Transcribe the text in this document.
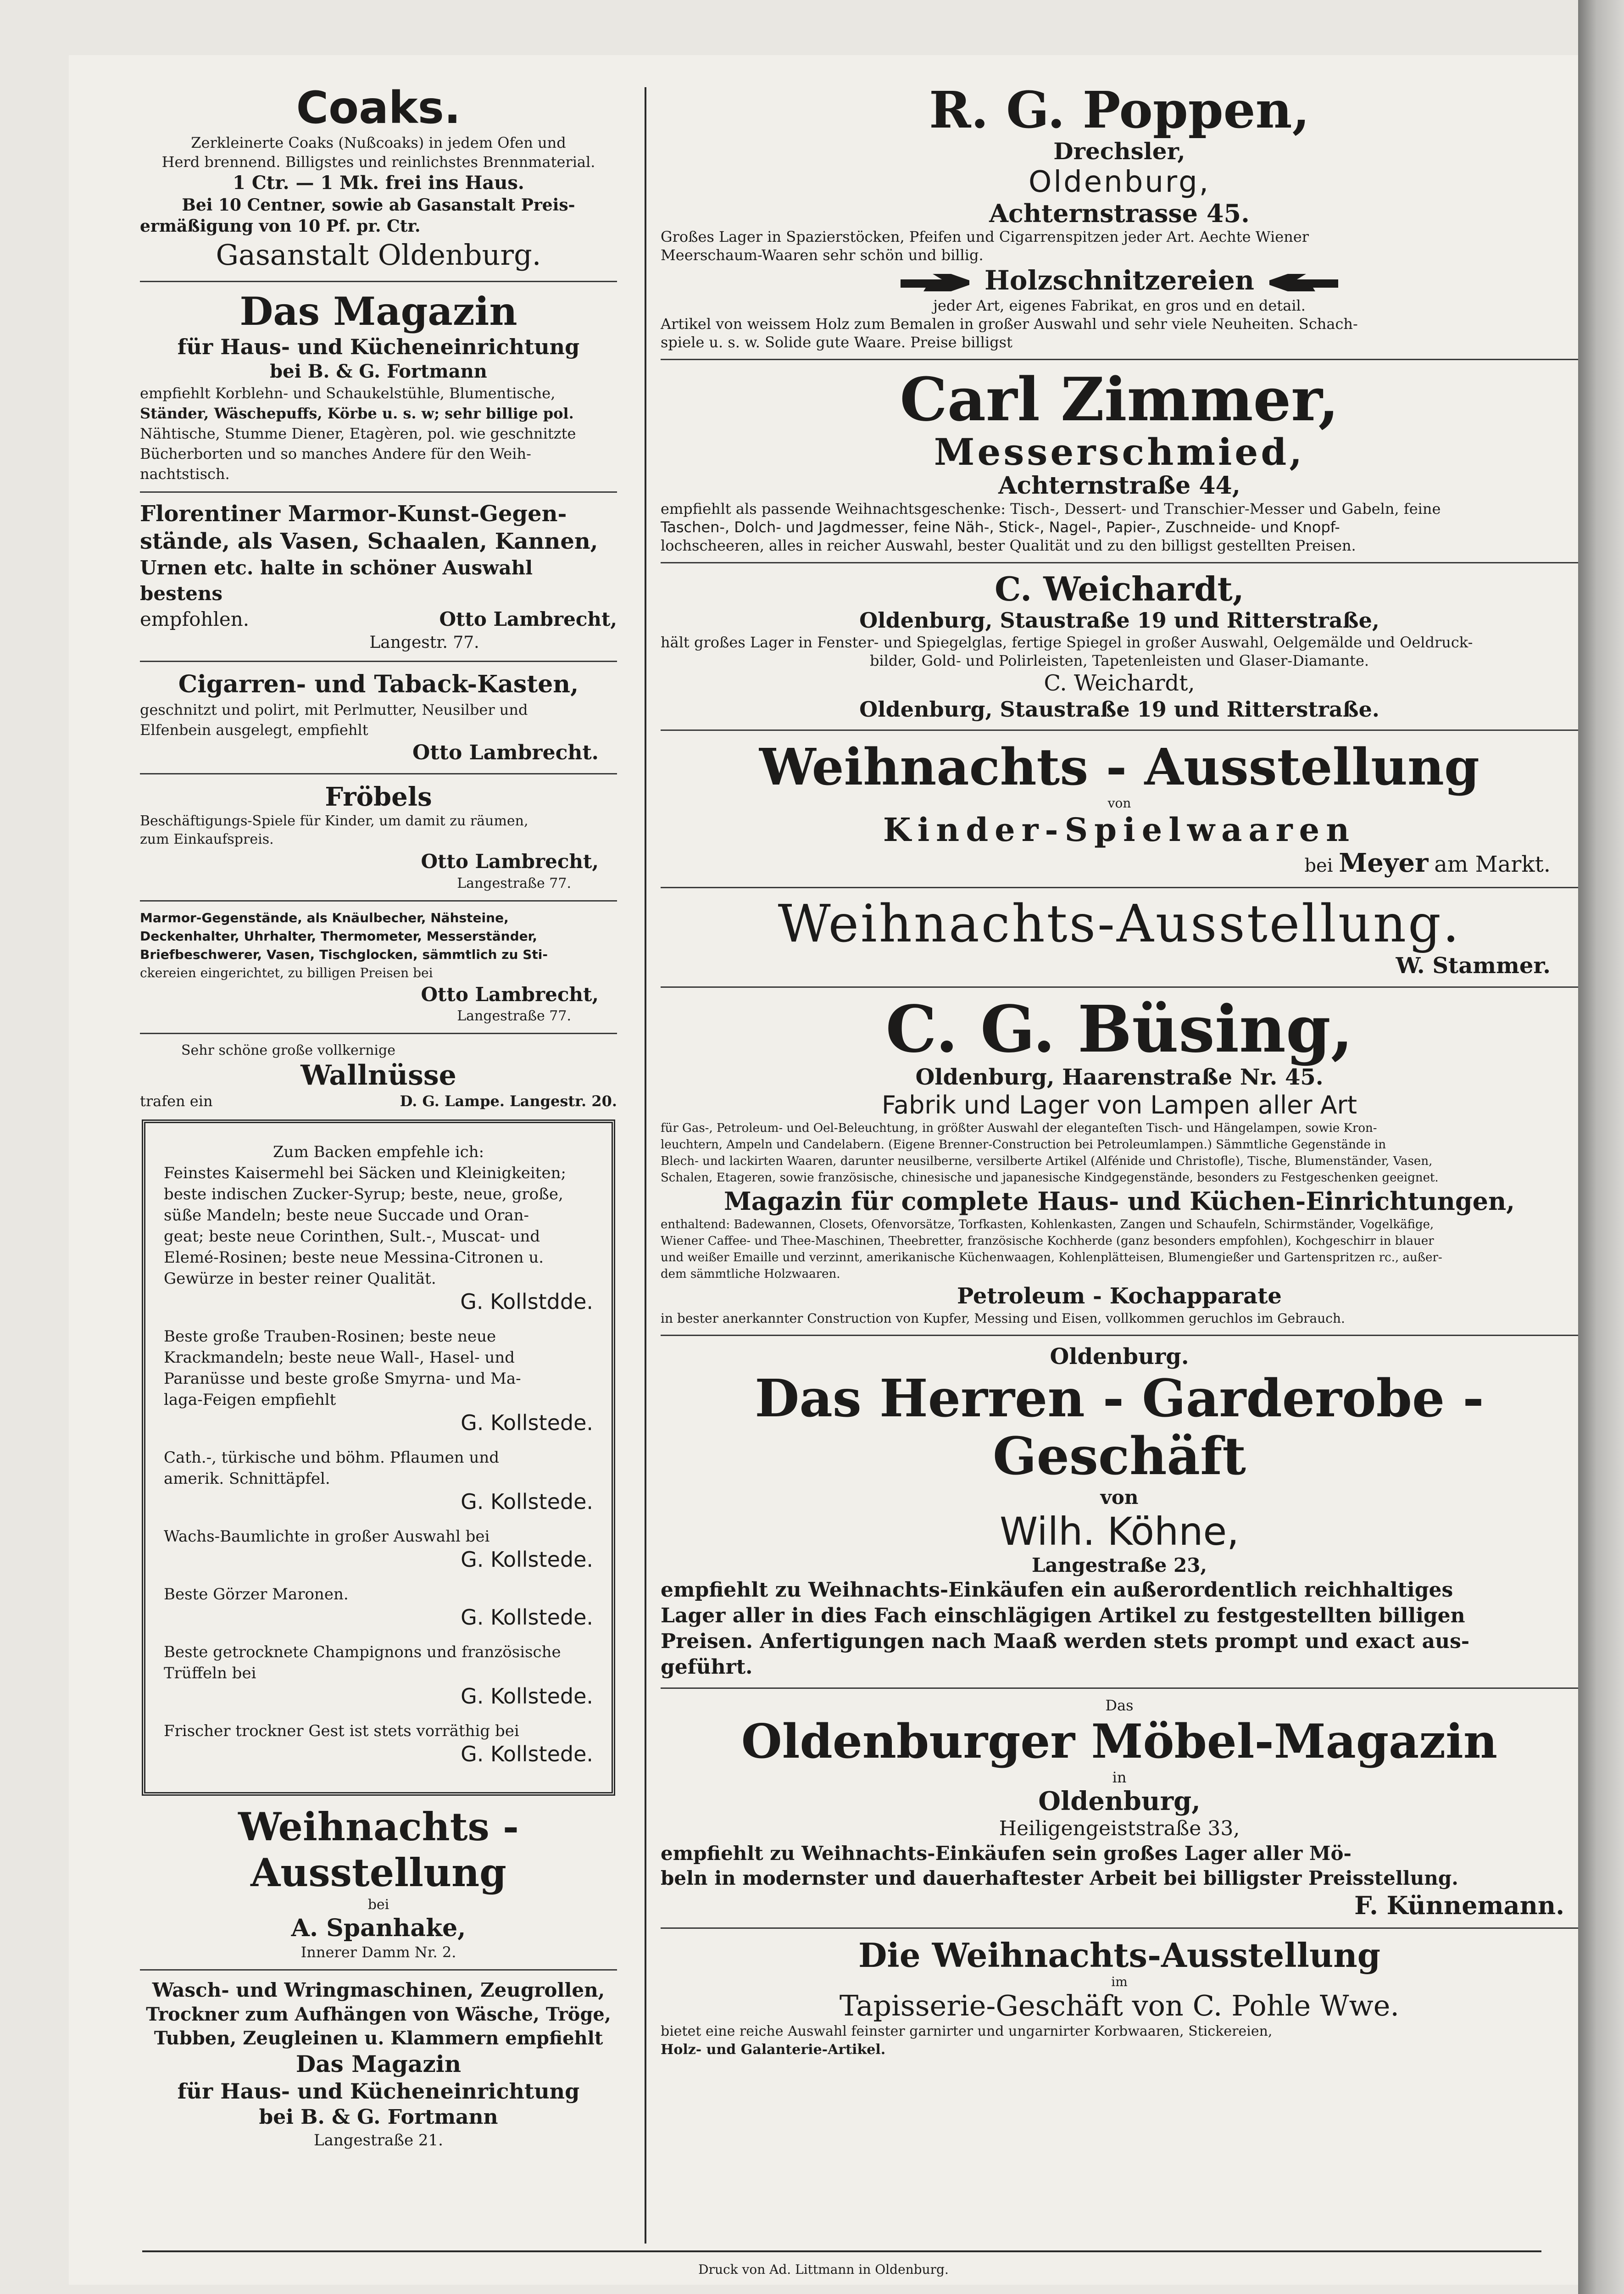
Coaks.
Zerkleinerte Coaks (Nußcoaks) in jedem Ofen und
Herd brennend. Billigstes und reinlichstes Brennmaterial.
1 Ctr. — 1 Mk. frei ins Haus.
Bei 10 Centner, sowie ab Gasanstalt Preis-
ermäßigung von 10 Pf. pr. Ctr.
Gasanstalt Oldenburg.
Das Magazin
für Haus- und Kücheneinrichtung
bei B. & G. Fortmann
empfiehlt Korblehn- und Schaukelstühle, Blumentische,
Ständer, Wäschepuffs, Körbe u. s. w; sehr billige pol.
Nähtische, Stumme Diener, Etagèren, pol. wie geschnitzte
Bücherborten und so manches Andere für den Weih-
nachtstisch.
Florentiner Marmor-Kunst-Gegen-
stände, als Vasen, Schaalen, Kannen,
Urnen etc. halte in schöner Auswahl bestens
empfohlen.	Otto Lambrecht,
Langestr. 77.
Cigarren- und Taback-Kasten,
geschnitzt und polirt, mit Perlmutter, Neusilber und
Elfenbein ausgelegt, empfiehlt
Otto Lambrecht.
Fröbels
Beschäftigungs-Spiele für Kinder, um damit zu räumen,
zum Einkaufspreis.
Otto Lambrecht,
Langestraße 77.
Marmor-Gegenstände, als Knäulbecher, Nähsteine,
Deckenhalter, Uhrhalter, Thermometer, Messerständer,
Briefbeschwerer, Vasen, Tischglocken, sämmtlich zu Sti-
ckereien eingerichtet, zu billigen Preisen bei
Otto Lambrecht,
Langestraße 77.
Sehr schöne große vollkernige
Wallnüsse
trafen ein	D. G. Lampe. Langestr. 20.
Zum Backen empfehle ich:
Feinstes Kaisermehl bei Säcken und Kleinigkeiten;
beste indischen Zucker-Syrup; beste, neue, große,
süße Mandeln; beste neue Succade und Oran-
geat; beste neue Corinthen, Sult.-, Muscat- und
Elemé-Rosinen; beste neue Messina-Citronen u.
Gewürze in bester reiner Qualität.
G. Kollstdde.
Beste große Trauben-Rosinen; beste neue
Krackmandeln; beste neue Wall-, Hasel- und
Paranüsse und beste große Smyrna- und Ma-
laga-Feigen empfiehlt
G. Kollstede.
Cath.-, türkische und böhm. Pflaumen und
amerik. Schnittäpfel.
G. Kollstede.
Wachs-Baumlichte in großer Auswahl bei
G. Kollstede.
Beste Görzer Maronen.
G. Kollstede.
Beste getrocknete Champignons und französische
Trüffeln bei
G. Kollstede.
Frischer trockner Gest ist stets vorräthig bei
G. Kollstede.
Weihnachts - Ausstellung
bei
A. Spanhake,
Innerer Damm Nr. 2.
Wasch- und Wringmaschinen, Zeugrollen,
Trockner zum Aufhängen von Wäsche, Tröge,
Tubben, Zeugleinen u. Klammern empfiehlt
Das Magazin
für Haus- und Kücheneinrichtung
bei B. & G. Fortmann
Langestraße 21.
R. G. Poppen,
Drechsler,
Oldenburg,
Achternstrasse 45.
Großes Lager in Spazierstöcken, Pfeifen und Cigarrenspitzen jeder Art. Aechte Wiener
Meerschaum-Waaren sehr schön und billig.
Holzschnitzereien
jeder Art, eigenes Fabrikat, en gros und en detail.
Artikel von weissem Holz zum Bemalen in großer Auswahl und sehr viele Neuheiten. Schach-
spiele u. s. w. Solide gute Waare. Preise billigst
Carl Zimmer,
Messerschmied,
Achternstraße 44,
empfiehlt als passende Weihnachtsgeschenke: Tisch-, Dessert- und Transchier-Messer und Gabeln, feine
Taschen-, Dolch- und Jagdmesser, feine Näh-, Stick-, Nagel-, Papier-, Zuschneide- und Knopf-
lochscheeren, alles in reicher Auswahl, bester Qualität und zu den billigst gestellten Preisen.
C. Weichardt,
Oldenburg, Staustraße 19 und Ritterstraße,
hält großes Lager in Fenster- und Spiegelglas, fertige Spiegel in großer Auswahl, Oelgemälde und Oeldruck-
bilder, Gold- und Polirleisten, Tapetenleisten und Glaser-Diamante.
C. Weichardt,
Oldenburg, Staustraße 19 und Ritterstraße.
Weihnachts - Ausstellung
von
Kinder-Spielwaaren
bei Meyer am Markt.
Weihnachts-Ausstellung.
W. Stammer.
C. G. Büsing,
Oldenburg, Haarenstraße Nr. 45.
Fabrik und Lager von Lampen aller Art
für Gas-, Petroleum- und Oel-Beleuchtung, in größter Auswahl der eleganteſten Tisch- und Hängelampen, sowie Kron-
leuchtern, Ampeln und Candelabern. (Eigene Brenner-Construction bei Petroleumlampen.) Sämmtliche Gegenstände in
Blech- und lackirten Waaren, darunter neusilberne, versilberte Artikel (Alfénide und Christofle), Tische, Blumenständer, Vasen,
Schalen, Etageren, sowie französische, chinesische und japanesische Kindgegenstände, besonders zu Festgeschenken geeignet.
Magazin für complete Haus- und Küchen-Einrichtungen,
enthaltend: Badewannen, Closets, Ofenvorsätze, Torfkasten, Kohlenkasten, Zangen und Schaufeln, Schirmständer, Vogelkäfige,
Wiener Caffee- und Thee-Maschinen, Theebretter, französische Kochherde (ganz besonders empfohlen), Kochgeschirr in blauer
und weißer Emaille und verzinnt, amerikanische Küchenwaagen, Kohlenplätteisen, Blumengießer und Gartenspritzen rc., außer-
dem sämmtliche Holzwaaren.
Petroleum - Kochapparate
in bester anerkannter Construction von Kupfer, Messing und Eisen, vollkommen geruchlos im Gebrauch.
Oldenburg.
Das Herren - Garderobe - Geschäft
von
Wilh. Köhne,
Langestraße 23,
empfiehlt zu Weihnachts-Einkäufen ein außerordentlich reichhaltiges
Lager aller in dies Fach einschlägigen Artikel zu festgestellten billigen
Preisen. Anfertigungen nach Maaß werden stets prompt und exact aus-
geführt.
Das
Oldenburger Möbel-Magazin
in
Oldenburg,
Heiligengeiststraße 33,
empfiehlt zu Weihnachts-Einkäufen sein großes Lager aller Mö-
beln in modernster und dauerhaftester Arbeit bei billigster Preisstellung.
F. Künnemann.
Die Weihnachts-Ausstellung
im
Tapisserie-Geschäft von C. Pohle Wwe.
bietet eine reiche Auswahl feinster garnirter und ungarnirter Korbwaaren, Stickereien,
Holz- und Galanterie-Artikel.
Druck von Ad. Littmann in Oldenburg.
